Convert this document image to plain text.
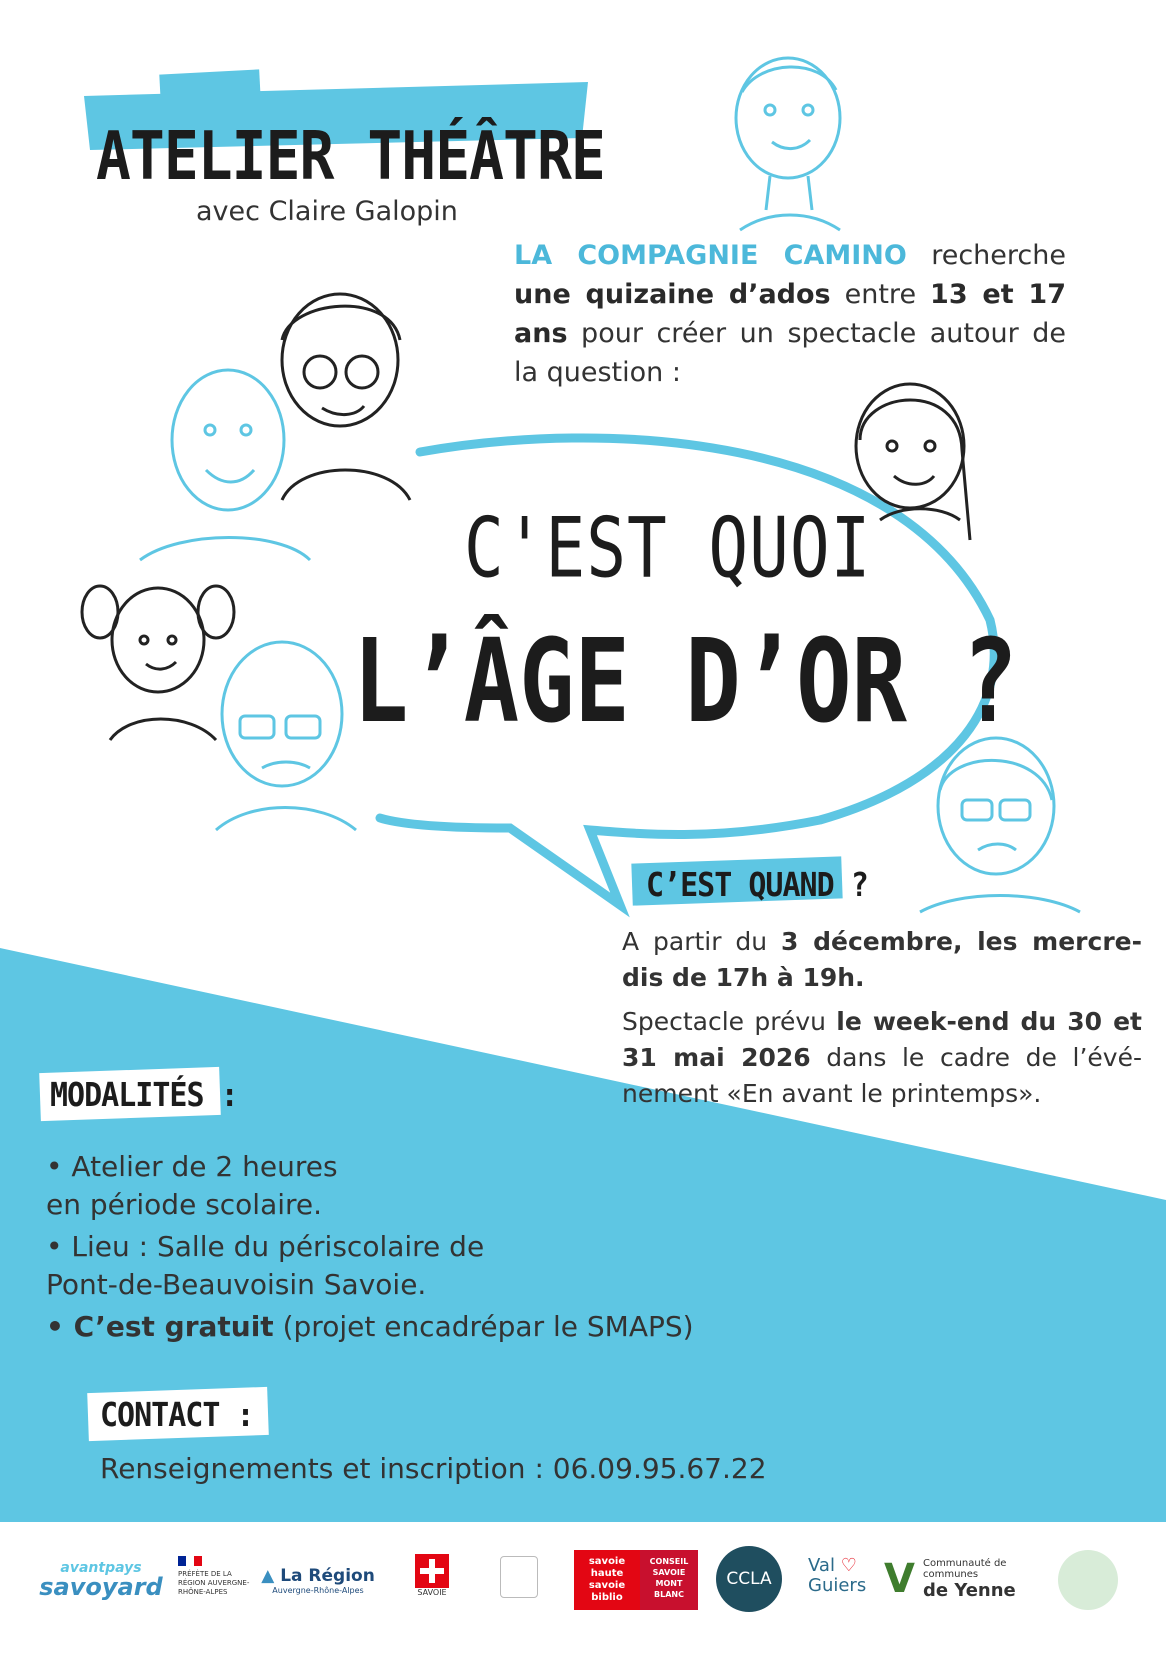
ATELIER THÉÂTRE
avec Claire Galopin
LA COMPAGNIE CAMINO recherche une quizaine d’ados entre 13 et 17 ans pour créer un spectacle autour de la question :
C'EST QUOI
L’ÂGE D’OR ?
C’EST QUAND ?

A partir du 3 décembre, les mercre-dis de 17h à 19h.

Spectacle prévu le week-end du 30 et 31 mai 2026 dans le cadre de l’évé-nement «En avant le printemps».

MODALITÉS :
• Atelier de 2 heures
en période scolaire.
• Lieu : Salle du périscolaire de
Pont-de-Beauvoisin Savoie.
• C’est gratuit (projet encadrépar le SMAPS)
CONTACT :
Renseignements et inscription : 06.09.95.67.22
avantpays
savoyard	PRÉFÈTE DE LA RÉGION AUVERGNE-RHÔNE-ALPES
▲ La Région
Auvergne-Rhône-Alpes	SAVOIE
savoie haute savoie biblio
CONSEIL SAVOIE MONT BLANC
CCLA
Val ♡
Guiers V Communauté de communes
de Yenne
